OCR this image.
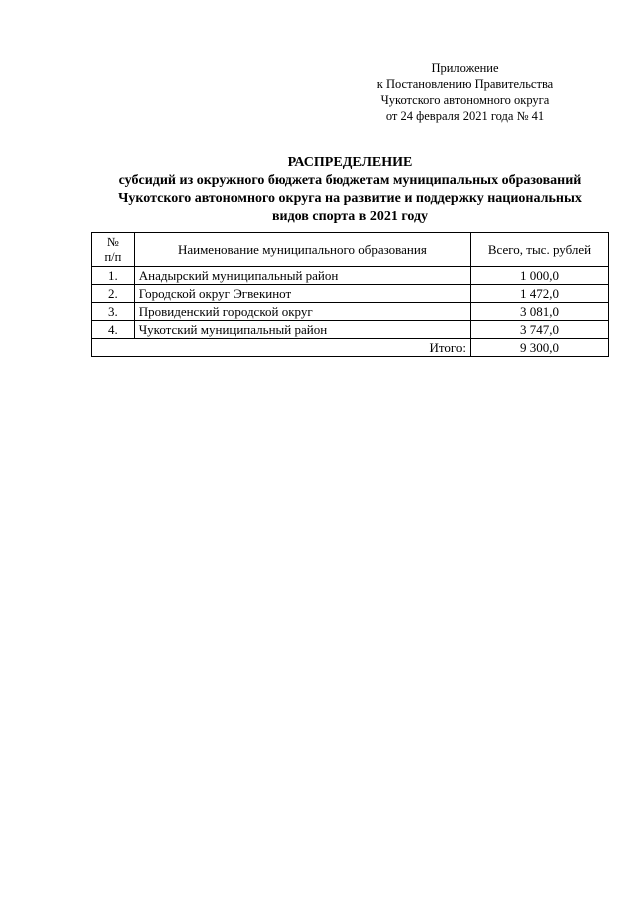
Приложение
к Постановлению Правительства
Чукотского автономного округа
от 24 февраля 2021 года № 41
РАСПРЕДЕЛЕНИЕ
субсидий из окружного бюджета бюджетам муниципальных образований
Чукотского автономного округа на развитие и поддержку национальных
видов спорта в 2021 году
№
п/п	Наименование муниципального образования	Всего, тыс. рублей
1.	Анадырский муниципальный район	1 000,0
2.	Городской округ Эгвекинот	1 472,0
3.	Провиденский городской округ	3 081,0
4.	Чукотский муниципальный район	3 747,0
Итого:		9 300,0
